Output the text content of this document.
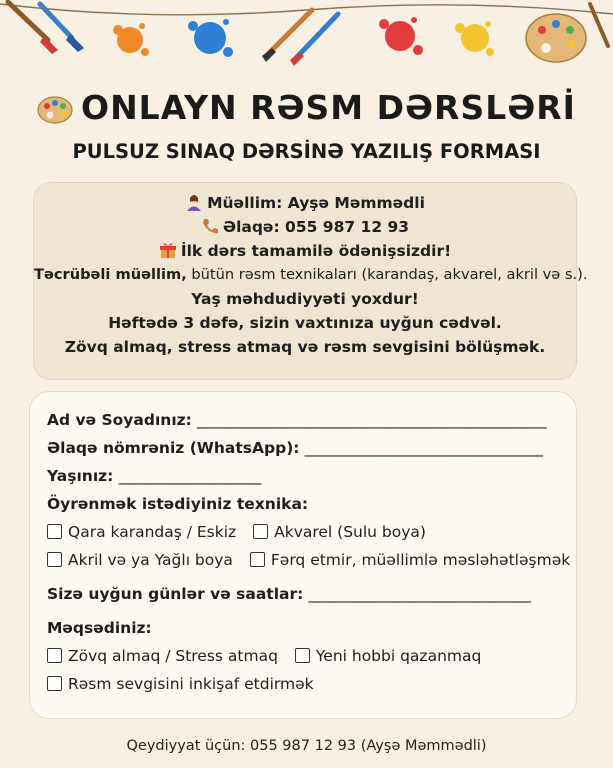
ONLAYN RƏSM DƏRSLƏRİ
PULSUZ SINAQ DƏRSİNƏ YAZILIŞ FORMASI
Müəllim: Ayşə Məmmədli
Əlaqə: 055 987 12 93
İlk dərs tamamilə ödənişsizdir!
Təcrübəli müəllim, bütün rəsm texnikaları (karandaş, akvarel, akril və s.).
Yaş məhdudiyyəti yoxdur!
Həftədə 3 dəfə, sizin vaxtınıza uyğun cədvəl.
Zövq almaq, stress atmaq və rəsm sevgisini bölüşmək.
Ad və Soyadınız: ____________________________________________
Əlaqə nömrəniz (WhatsApp): ______________________________
Yaşınız: __________________
Öyrənmək istədiyiniz texnika:
Qara karandaş / Eskiz Akvarel (Sulu boya)
Akril və ya Yağlı boya Fərq etmir, müəllimlə məsləhətləşmək
Sizə uyğun günlər və saatlar: ____________________________
Məqsədiniz:
Zövq almaq / Stress atmaq Yeni hobbi qazanmaq
Rəsm sevgisini inkişaf etdirmək
Qeydiyyat üçün: 055 987 12 93 (Ayşə Məmmədli)
